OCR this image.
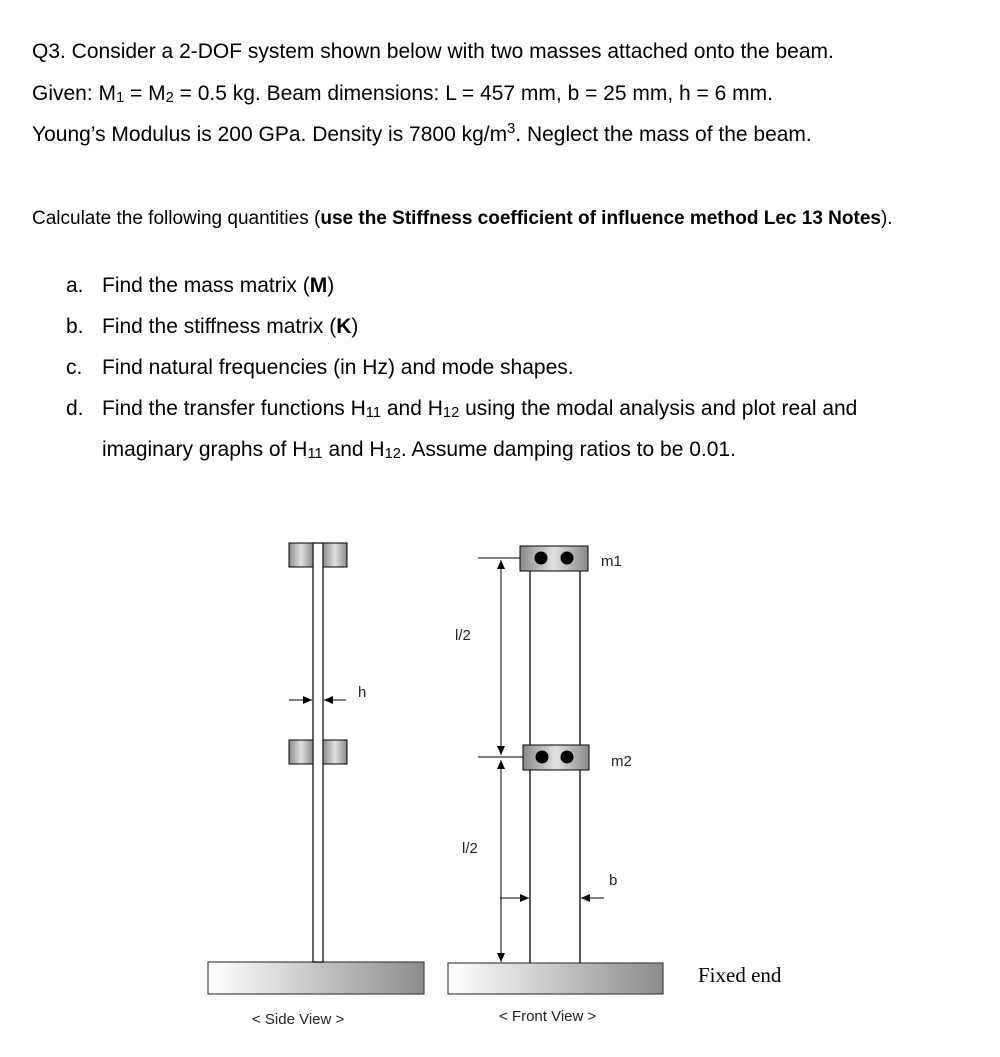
Q3. Consider a 2-DOF system shown below with two masses attached onto the beam.
Given: $M_1 = M_2 = 0.5$ kg. Beam dimensions: L = 457 mm, b = 25 mm, h = 6 mm.
Young’s Modulus is 200 GPa. Density is 7800 $kg/m^3$. Neglect the mass of the beam.
Calculate the following quantities (use the Stiffness coefficient of influence method Lec 13 Notes).
a. Find the mass matrix (M)
b. Find the stiffness matrix (K)
c. Find natural frequencies (in Hz) and mode shapes.
d. Find the transfer functions $H_{11}$ and $H_{12}$ using the modal analysis and plot real and
imaginary graphs of $H_{11}$ and $H_{12}$. Assume damping ratios to be 0.01.
h
< Side View >
m1
m2
l/2
l/2
b
< Front View >
Fixed end
